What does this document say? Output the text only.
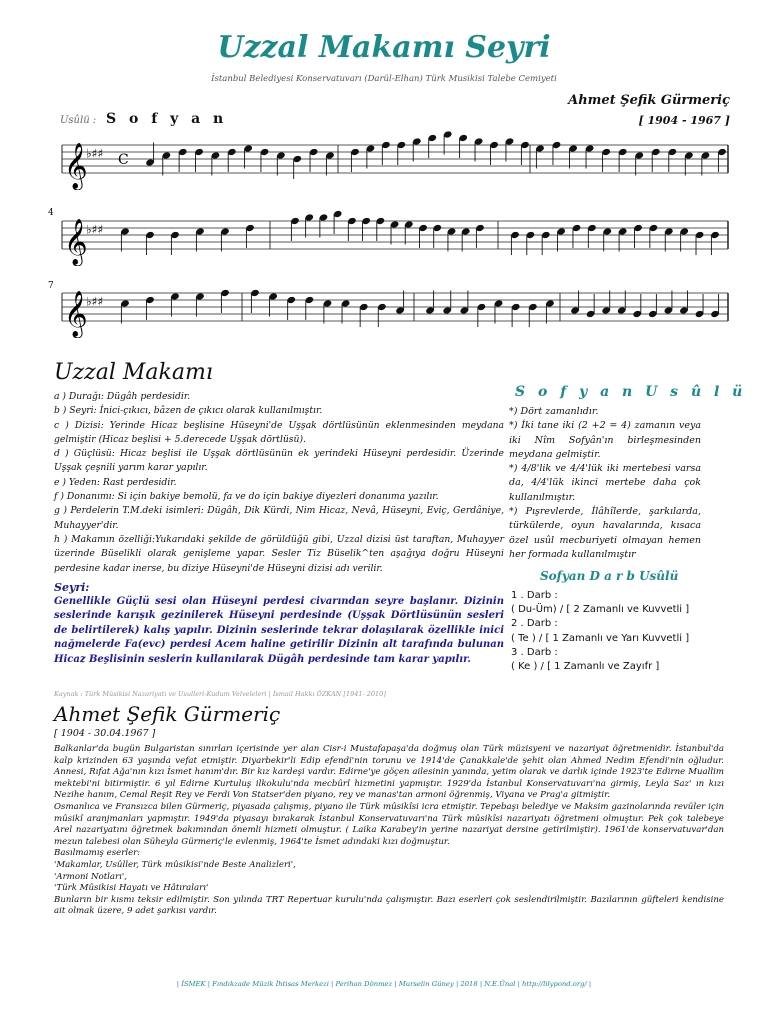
Uzzal Makamı Seyri
İstanbul Belediyesi Konservatuvarı (Darül-Elhan) Türk Musikisi Talebe Cemiyeti
Ahmet Şefik Gürmeriç
Usûlü : S o f y a n	[ 1904 - 1967 ]
𝄞
♭♯♯ C
𝄞
♭♯♯
𝄞
♭♯♯
4
7
Uzzal Makamı

a ) Durağı: Dügâh perdesidir.

b ) Seyri: İnici-çıkıcı, bâzen de çıkıcı olarak kullanılmıştır.

c ) Dizisi: Yerinde Hicaz beşlisine Hüseyni'de Uşşak dörtlüsünün eklenmesinden meydana gelmiştir (Hicaz beşlisi + 5.derecede Uşşak dörtlüsü).

d ) Güçlüsü: Hicaz beşlisi ile Uşşak dörtlüsünün ek yerindeki Hüseyni perdesidir. Üzerinde Uşşak çeşnili yarım karar yapılır.

e ) Yeden: Rast perdesidir.

f ) Donanımı: Si için bakiye bemolü, fa ve do için bakiye diyezleri donanıma yazılır.

g ) Perdelerin T.M.deki isimleri: Dügâh, Dik Kürdi, Nim Hicaz, Nevâ, Hüseyni, Eviç, Gerdâniye, Muhayyer'dir.

h ) Makamın özelliği:Yukarıdaki şekilde de görüldüğü gibi, Uzzal dizisi üst taraftan, Muhayyer üzerinde Büselikli olarak genişleme yapar. Sesler Tiz Büselik^ten aşağıya doğru Hüseyni perdesine kadar inerse, bu diziye Hüseyni'de Hüseyni dizisi adı verilir.

Seyri:
Genellikle Güçlü sesi olan Hüseyni perdesi civarından seyre başlanır. Dizinin seslerinde karışık gezinilerek Hüseyni perdesinde (Uşşak Dörtlüsünün sesleri de belirtilerek) kalış yapılır. Dizinin seslerinde tekrar dolaşılarak özellikle inici nağmelerde Fa(evc) perdesi Acem haline getirilir Dizinin alt tarafında bulunan Hicaz Beşlisinin seslerin kullanılarak Dügâh perdesinde tam karar yapılır.
S o f y a n U s û l ü

*) Dört zamanlıdır.

*) İki tane iki (2 +2 = 4) zamanın veya iki Nîm Sofyân'ın birleşmesinden meydana gelmiştir.

*) 4/8'lik ve 4/4'lük iki mertebesi varsa da, 4/4'lük ikinci mertebe daha çok kullanılmıştır.

*) Pışrevlerde, İlâhîlerde, şarkılarda, türkülerde, oyun havalarında, kısaca özel usûl mecburiyeti olmayan hemen her formada kullanılmıştır

Sofyan D a r b Usûlü

1 . Darb :

( Du-Üm) / [ 2 Zamanlı ve Kuvvetli ]

2 . Darb :

( Te ) / [ 1 Zamanlı ve Yarı Kuvvetli ]

3 . Darb :

( Ke ) / [ 1 Zamanlı ve Zayıfr ]

Kaynak : Türk Mûsikisi Nazariyatı ve Usulleri-Kudum Velveleleri | İsmail Hakkı ÖZKAN [1941- 2010]
Ahmet Şefik Gürmeriç
[ 1904 - 30.04.1967 ]

Balkanlar'da bugün Bulgaristan sınırları içerisinde yer alan Cisr-i Mustafapaşa'da doğmuş olan Türk müzisyeni ve nazariyat öğretmenidir. İstanbul'da kalp krizinden 63 yaşında vefat etmiştir. Diyarbekir'li Edip efendi'nin torunu ve 1914'de Çanakkale'de şehit olan Ahmed Nedim Efendi'nin oğludur. Annesi, Rıfat Ağa'nın kızı İsmet hanım'dır. Bir kız kardeşi vardır. Edirne'ye göçen ailesinin yanında, yetim olarak ve darlık içinde 1923'te Edirne Muallim mektebi'ni bitirmiştir. 6 yıl Edirne Kurtuluş ilkokulu'nda mecbûrî hizmetini yapmıştır. 1929'da İstanbul Konservatuvarı'na girmiş, Leyla Saz' ın kızı Nezihe hanım, Cemal Reşit Rey ve Ferdi Von Statser'den piyano, rey ve manas'tan armoni öğrenmiş, Viyana ve Prag'a gitmiştir.

Osmanlıca ve Fransızca bilen Gürmeriç, piyasada çalışmış, piyano ile Türk mûsikîsi icra etmiştir. Tepebaşı belediye ve Maksim gazinolarında revüler için mûsikî aranjmanları yapmıştır. 1949'da piyasayı bırakarak İstanbul Konservatuvarı'na Türk mûsikîsi nazariyatı öğretmeni olmuştur. Pek çok talebeye Arel nazariyatını öğretmek bakımından önemli hizmeti olmuştur. ( Laika Karabey'in yerine nazariyat dersine getirilmiştir). 1961'de konservatuvar'dan mezun talebesi olan Süheyla Gürmeriç'le evlenmiş, 1964'te İsmet adındaki kızı doğmuştur.

Basılmamış eserler:

'Makamlar, Usûller, Türk mûsikisi'nde Beste Analizleri',

'Armoni Notları',

'Türk Mûsikisi Hayatı ve Hâtıraları'

Bunların bir kısmı teksir edilmiştir. Son yılında TRT Repertuar kurulu'nda çalışmıştır. Bazı eserleri çok seslendirilmiştir. Bazılarının güfteleri kendisine ait olmak üzere, 9 adet şarkısı vardır.

| İSMEK | Fındıkzade Müzik İhtisas Merkezi | Perihan Dönmez | Murselin Güney | 2018 | N.E.Ünal | http://lilypond.org/ |
